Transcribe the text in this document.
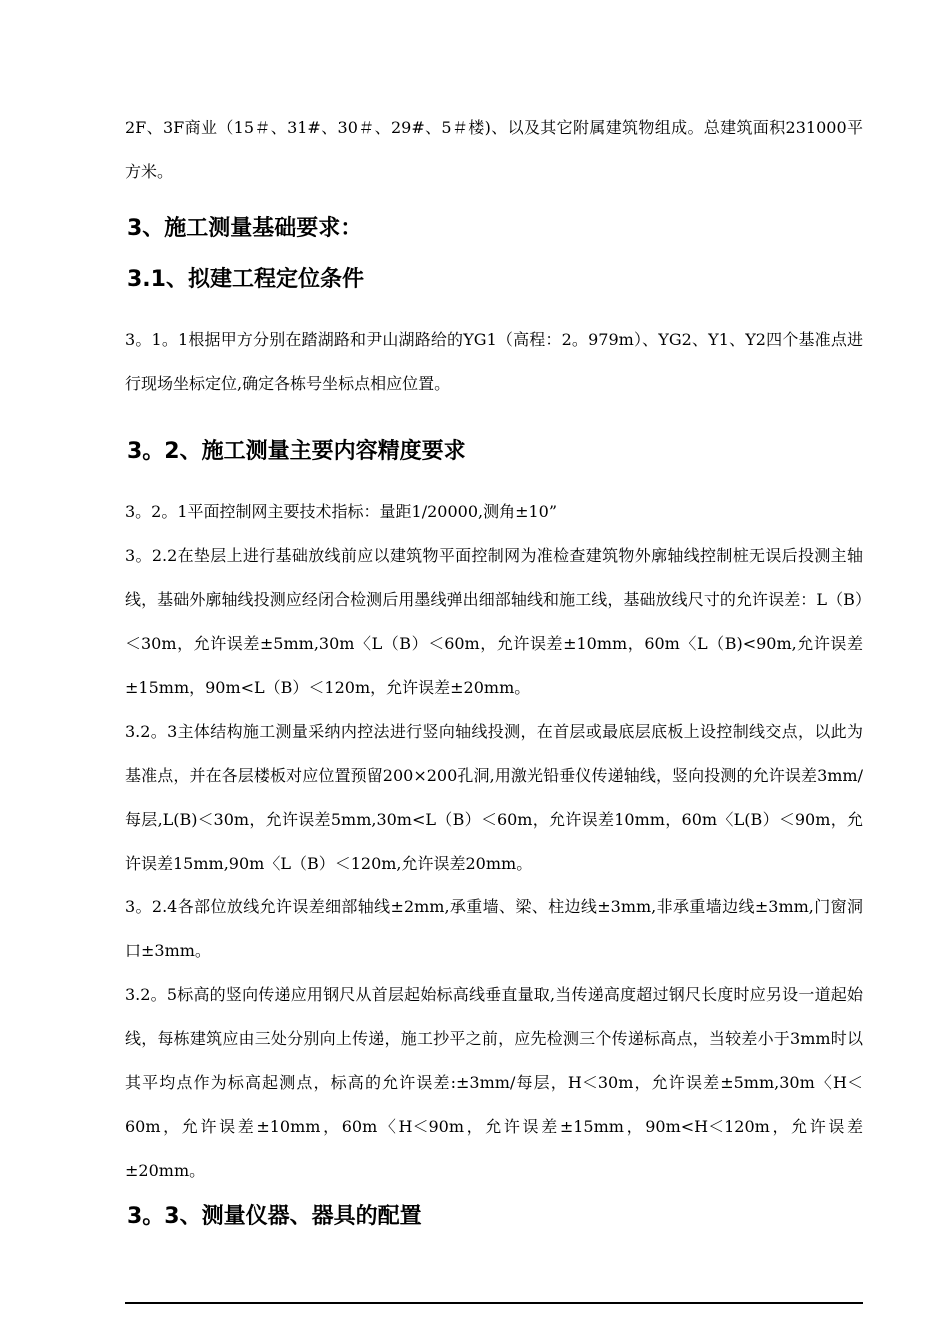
2F、3F商业（15＃、31#、30＃、29#、5＃楼)、以及其它附属建筑物组成。总建筑面积231000平方米。

3、施工测量基础要求：
3.1、拟建工程定位条件

3。1。1根据甲方分别在踏湖路和尹山湖路给的YG1（高程：2。979m）、YG2、Y1、Y2四个基准点进行现场坐标定位,确定各栋号坐标点相应位置。

3。2、施工测量主要内容精度要求

3。2。1平面控制网主要技术指标：量距1/20000,测角±10”

3。2.2在垫层上进行基础放线前应以建筑物平面控制网为准检查建筑物外廓轴线控制桩无误后投测主轴线，基础外廓轴线投测应经闭合检测后用墨线弹出细部轴线和施工线，基础放线尺寸的允许误差：L（B）＜30m，允许误差±5mm,30m〈L（B）＜60m，允许误差±10mm，60m〈L（B)<90m,允许误差±15mm，90m<L（B）＜120m，允许误差±20mm。

3.2。3主体结构施工测量采纳内控法进行竖向轴线投测，在首层或最底层底板上设控制线交点，以此为基准点，并在各层楼板对应位置预留200×200孔洞,用激光铅垂仪传递轴线，竖向投测的允许误差3mm/每层,L(B)＜30m，允许误差5mm,30m<L（B）＜60m，允许误差10mm，60m〈L(B）＜90m，允许误差15mm,90m〈L（B）＜120m,允许误差20mm。

3。2.4各部位放线允许误差细部轴线±2mm,承重墙、梁、柱边线±3mm,非承重墙边线±3mm,门窗洞口±3mm。

3.2。5标高的竖向传递应用钢尺从首层起始标高线垂直量取,当传递高度超过钢尺长度时应另设一道起始线，每栋建筑应由三处分别向上传递，施工抄平之前，应先检测三个传递标高点，当较差小于3mm时以其平均点作为标高起测点，标高的允许误差:±3mm/每层，H＜30m，允许误差±5mm,30m〈H＜60m，允许误差±10mm，60m〈H＜90m，允许误差±15mm，90m<H＜120m，允许误差±20mm。

3。3、测量仪器、器具的配置
